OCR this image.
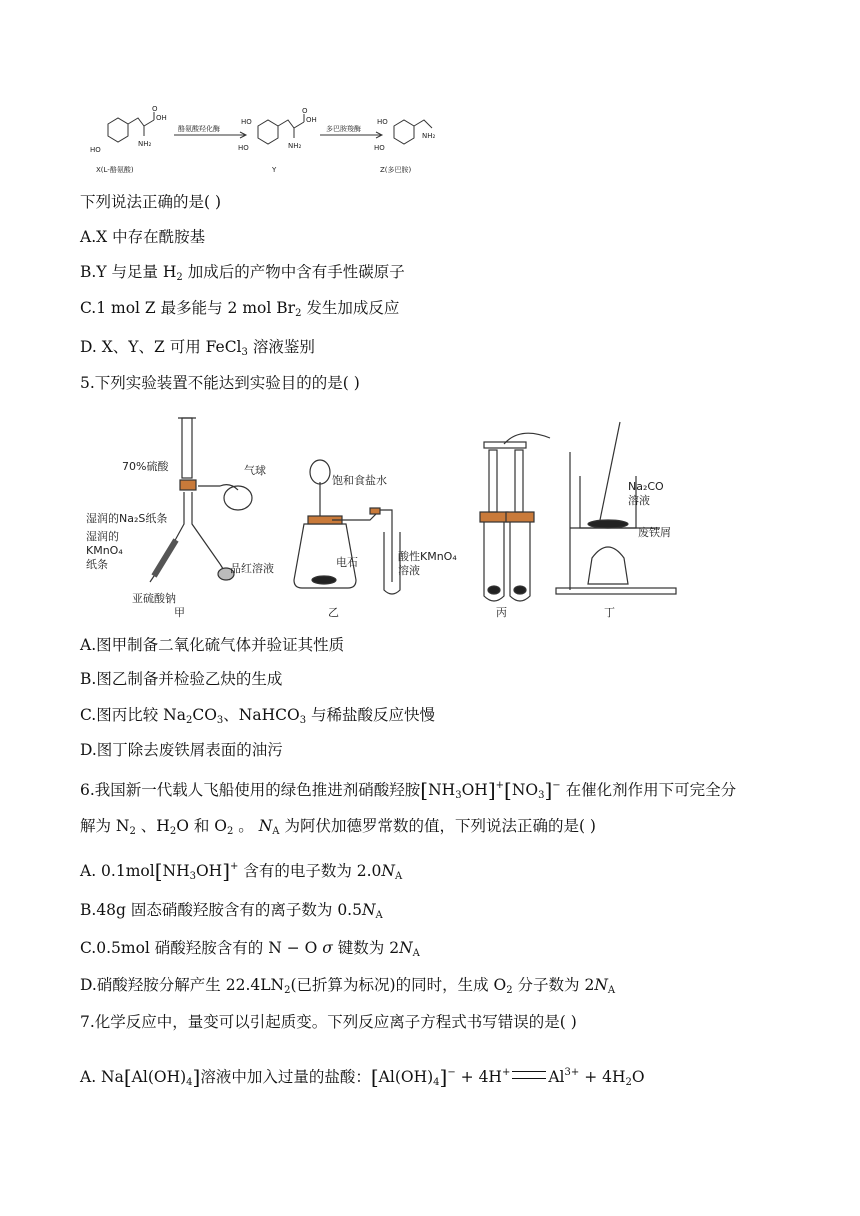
HO
OH
O
NH₂
酪氨酸羟化酶
HO
HO
OH
O
NH₂
多巴胺羧酶
HO
HO
NH₂
X(L-酪氨酸)	Y	Z(多巴胺)
下列说法正确的是( )
A.X 中存在酰胺基
B.Y 与足量 $H_2$ 加成后的产物中含有手性碳原子
C.1 mol Z 最多能与 2 mol $Br_2$ 发生加成反应
D. X、Y、Z 可用 FeCl$_3$ 溶液鉴别
5.下列实验装置不能达到实验目的的是( )
70%硫酸	气球
湿润的Na₂S纸条
湿润的
KMnO₄
纸条	品红溶液
亚硫酸钠
甲
饱和食盐水
电石	酸性KMnO₄
溶液
乙	丙
Na₂CO
溶液
废铁屑
丁
A.图甲制备二氧化硫气体并验证其性质
B.图乙制备并检验乙炔的生成
C.图丙比较 $Na_2CO_3$、NaHCO$_3$ 与稀盐酸反应快慢
D.图丁除去废铁屑表面的油污
6.我国新一代载人飞船使用的绿色推进剂硝酸羟胺$[NH_3OH]^+[NO_3]^-$ 在催化剂作用下可完全分
解为 $N_2$ 、$H_2O$ 和 $O_2$ 。 $N_A$ 为阿伏加德罗常数的值，下列说法正确的是( )
A. $0.1mol[NH_3OH]^+$ 含有的电子数为 $2.0N_A$
B.48g 固态硝酸羟胺含有的离子数为 $0.5N_A$
C.0.5mol 硝酸羟胺含有的 N − O σ 键数为 $2N_A$
D.硝酸羟胺分解产生 $22.4LN_2$(已折算为标况)的同时，生成 $O_2$ 分子数为 $2N_A$
7.化学反应中，量变可以引起质变。下列反应离子方程式书写错误的是( )
A. $Na[Al(OH)_4]$溶液中加入过量的盐酸：$[Al(OH)_4]^- + 4H^+$ $Al^{3+} + 4H_2O$
